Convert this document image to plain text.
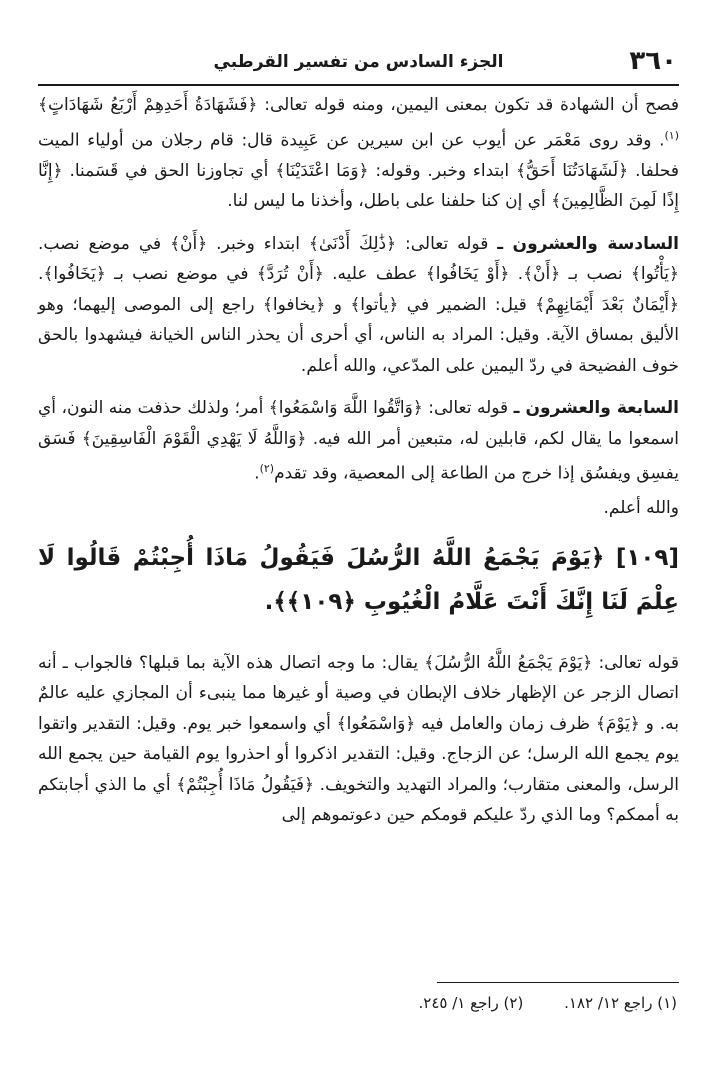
٣٦٠
الجزء السادس من تفسير القرطبي

فصح أن الشهادة قد تكون بمعنى اليمين، ومنه قوله تعالى: ﴿فَشَهَادَةُ أَحَدِهِمْ أَرْبَعُ شَهَادَاتٍ﴾$^{(١)}$. وقد روى مَعْمَر عن أيوب عن ابن سيرين عن عَبِيدة قال: قام رجلان من أولياء الميت فحلفا. ﴿لَشَهَادَتُنَا أَحَقُّ﴾ ابتداء وخبر. وقوله: ﴿وَمَا اعْتَدَيْنَا﴾ أي تجاوزنا الحق في قَسَمنا. ﴿إِنَّا إِذًا لَمِنَ الظَّالِمِينَ﴾ أي إن كنا حلفنا على باطل، وأخذنا ما ليس لنا.

السادسة والعشرون ـ قوله تعالى: ﴿ذَٰلِكَ أَدْنَىٰ﴾ ابتداء وخبر. ﴿أَنْ﴾ في موضع نصب. ﴿يَأْتُوا﴾ نصب بـ ﴿أَنْ﴾. ﴿أَوْ يَخَافُوا﴾ عطف عليه. ﴿أَنْ تُرَدَّ﴾ في موضع نصب بـ ﴿يَخَافُوا﴾. ﴿أَيْمَانٌ بَعْدَ أَيْمَانِهِمْ﴾ قيل: الضمير في ﴿يأتوا﴾ و ﴿يخافوا﴾ راجع إلى الموصى إليهما؛ وهو الأليق بمساق الآية. وقيل: المراد به الناس، أي أحرى أن يحذر الناس الخيانة فيشهدوا بالحق خوف الفضيحة في ردّ اليمين على المدّعي، والله أعلم.

السابعة والعشرون ـ قوله تعالى: ﴿وَاتَّقُوا اللَّهَ وَاسْمَعُوا﴾ أمر؛ ولذلك حذفت منه النون، أي اسمعوا ما يقال لكم، قابلين له، متبعين أمر الله فيه. ﴿وَاللَّهُ لَا يَهْدِي الْقَوْمَ الْفَاسِقِينَ﴾ فَسَق يفسِق ويفسُق إذا خرج من الطاعة إلى المعصية، وقد تقدم$^{(٢)}$.

والله أعلم.

[١٠٩] ﴿يَوْمَ يَجْمَعُ اللَّهُ الرُّسُلَ فَيَقُولُ مَاذَا أُجِبْتُمْ قَالُوا لَا عِلْمَ لَنَا إِنَّكَ أَنْتَ عَلَّامُ الْغُيُوبِ ﴿١٠٩﴾﴾.

قوله تعالى: ﴿يَوْمَ يَجْمَعُ اللَّهُ الرُّسُلَ﴾ يقال: ما وجه اتصال هذه الآية بما قبلها؟ فالجواب ـ أنه اتصال الزجر عن الإظهار خلاف الإبطان في وصية أو غيرها مما ينبىء أن المجازي عليه عالمٌ به. و ﴿يَوْمَ﴾ ظرف زمان والعامل فيه ﴿وَاسْمَعُوا﴾ أي واسمعوا خبر يوم. وقيل: التقدير واتقوا يوم يجمع الله الرسل؛ عن الزجاج. وقيل: التقدير اذكروا أو احذروا يوم القيامة حين يجمع الله الرسل، والمعنى متقارب؛ والمراد التهديد والتخويف. ﴿فَيَقُولُ مَاذَا أُجِبْتُمْ﴾ أي ما الذي أجابتكم به أممكم؟ وما الذي ردّ عليكم قومكم حين دعوتموهم إلى

(١) راجع ١٢/ ١٨٢. (٢) راجع ١/ ٢٤٥.
